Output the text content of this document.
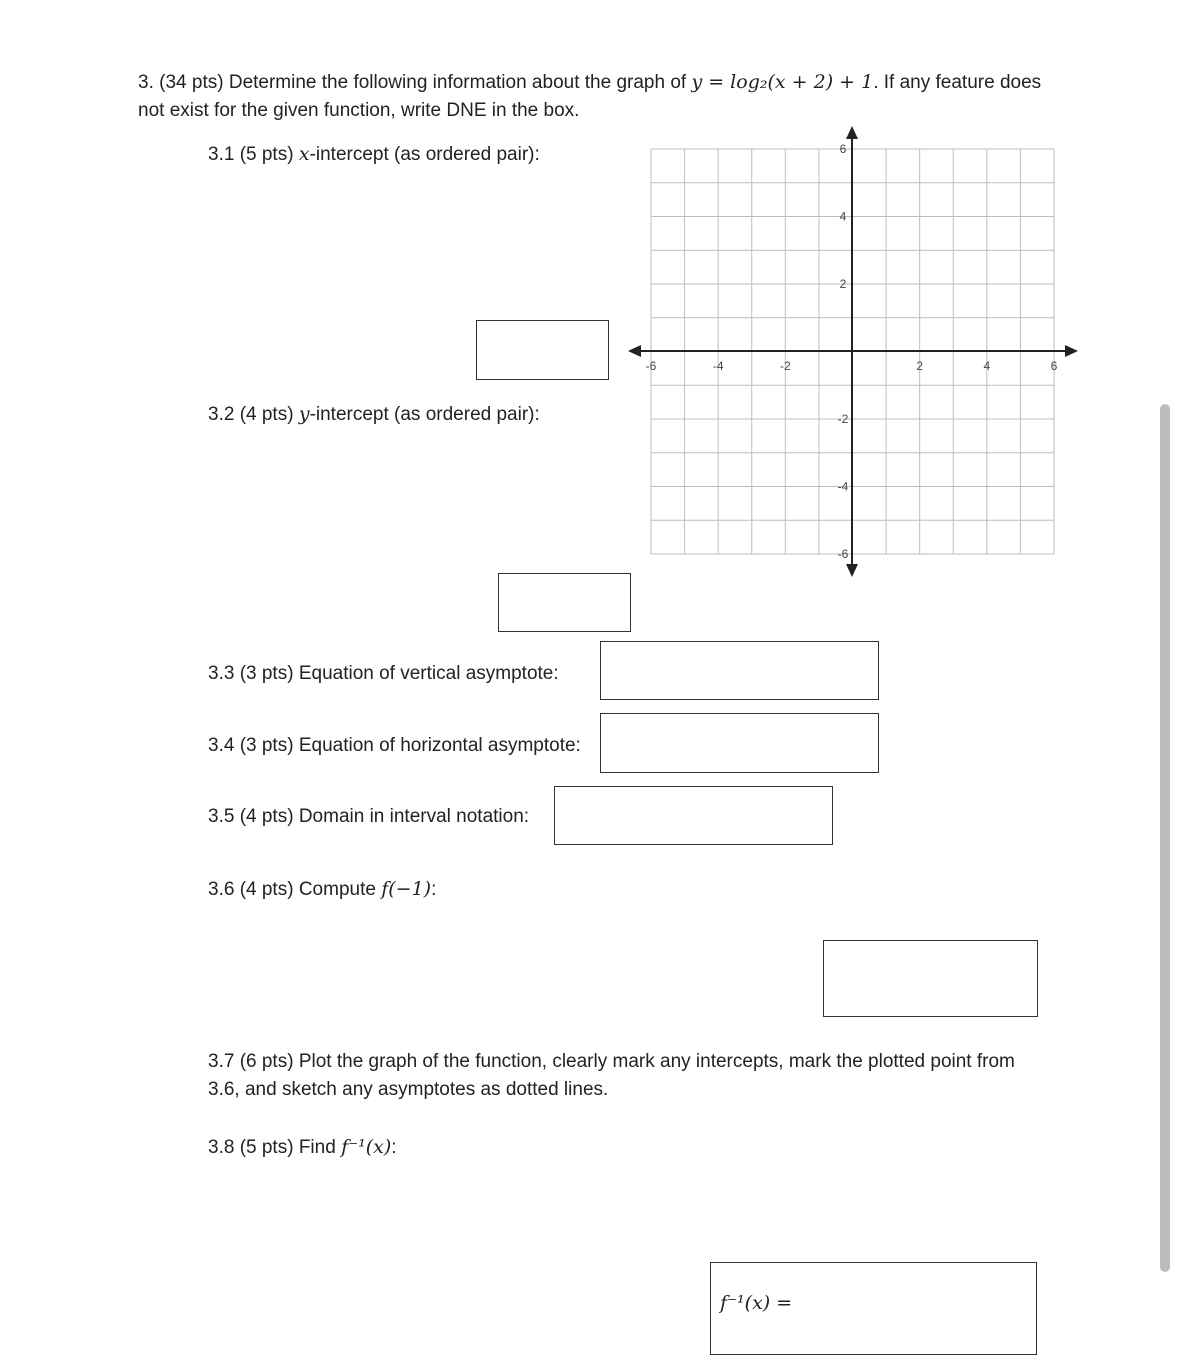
3. (34 pts) Determine the following information about the graph of y = log₂(x + 2) + 1. If any feature does not exist for the given function, write DNE in the box.
3.1 (5 pts) x-intercept (as ordered pair):
3.2 (4 pts) y-intercept (as ordered pair):
3.3 (3 pts) Equation of vertical asymptote:
3.4 (3 pts) Equation of horizontal asymptote:
3.5 (4 pts) Domain in interval notation:
3.6 (4 pts) Compute f(−1):
3.7 (6 pts) Plot the graph of the function, clearly mark any intercepts, mark the plotted point from 3.6, and sketch any asymptotes as dotted lines.
3.8 (5 pts) Find f⁻¹(x):
f⁻¹(x) =
-6	-4	-2	2	4	6
6
4
2
-2
-4
-6
